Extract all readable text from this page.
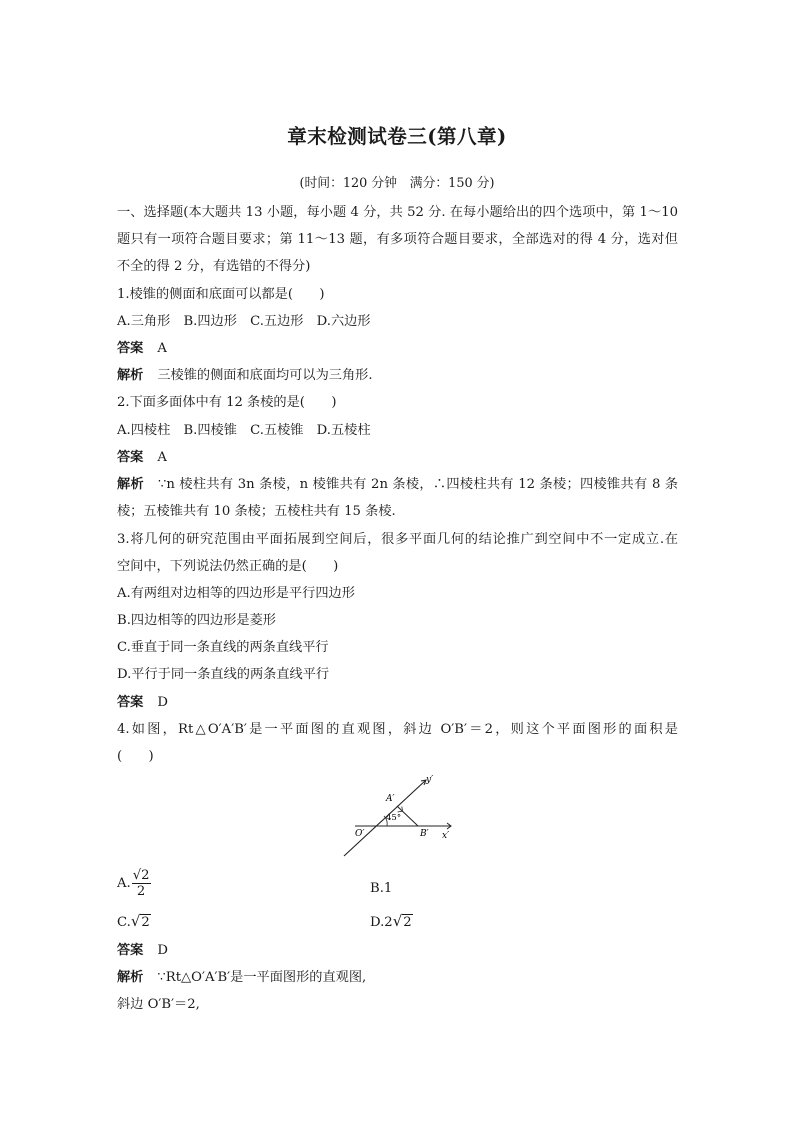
章末检测试卷三(第八章)
(时间：120 分钟　满分：150 分)
一、选择题(本大题共 13 小题，每小题 4 分，共 52 分. 在每小题给出的四个选项中，第 1～10
题只有一项符合题目要求；第 11～13 题，有多项符合题目要求，全部选对的得 4 分，选对但
不全的得 2 分，有选错的不得分)
1.棱锥的侧面和底面可以都是(　　)
A.三角形　B.四边形　C.五边形　D.六边形
答案 A
解析 三棱锥的侧面和底面均可以为三角形.
2.下面多面体中有 12 条棱的是(　　)
A.四棱柱　B.四棱锥　C.五棱锥　D.五棱柱
答案 A
解析 ∵n 棱柱共有 3n 条棱，n 棱锥共有 2n 条棱，∴四棱柱共有 12 条棱；四棱锥共有 8 条
棱；五棱锥共有 10 条棱；五棱柱共有 15 条棱.
3.将几何的研究范围由平面拓展到空间后，很多平面几何的结论推广到空间中不一定成立.在
空间中，下列说法仍然正确的是(　　)
A.有两组对边相等的四边形是平行四边形
B.四边相等的四边形是菱形
C.垂直于同一条直线的两条直线平行
D.平行于同一条直线的两条直线平行
答案 D
4.如图，Rt△O′A′B′是一平面图的直观图，斜边 O′B′＝2，则这个平面图形的面积是
(　　)
y′
A′
45°
O′	B′ x′
A. $\frac{√2}{2}$	B.1
C.√2	D.2√2
答案 D
解析 ∵Rt△O′A′B′是一平面图形的直观图,
斜边 O′B′＝2,
